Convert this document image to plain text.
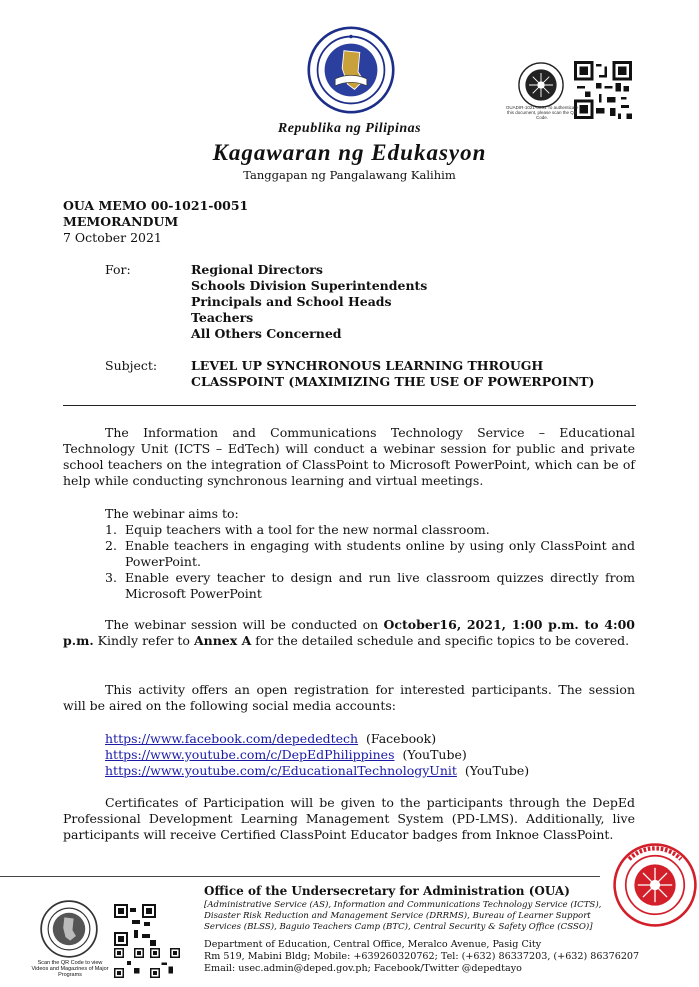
OUADIR-1021-0051 To authenticate this document, please scan the QR Code.
Republika ng Pilipinas
Kagawaran ng Edukasyon
Tanggapan ng Pangalawang Kalihim
OUA MEMO 00-1021-0051
MEMORANDUM
7 October 2021
For:	Regional Directors
Schools Division Superintendents
Principals and School Heads
Teachers
All Others Concerned
Subject:	LEVEL UP SYNCHRONOUS LEARNING THROUGH
CLASSPOINT (MAXIMIZING THE USE OF POWERPOINT)
The Information and Communications Technology Service – Educational Technology Unit (ICTS – EdTech) will conduct a webinar session for public and private school teachers on the integration of ClassPoint to Microsoft PowerPoint, which can be of help while conducting synchronous learning and virtual meetings.
The webinar aims to:
1. Equip teachers with a tool for the new normal classroom.
2. Enable teachers in engaging with students online by using only ClassPoint and PowerPoint.
3. Enable every teacher to design and run live classroom quizzes directly from Microsoft PowerPoint
The webinar session will be conducted on October16, 2021, 1:00 p.m. to 4:00 p.m. Kindly refer to Annex A for the detailed schedule and specific topics to be covered.
This activity offers an open registration for interested participants. The session will be aired on the following social media accounts:
https://www.facebook.com/depededtech (Facebook)
https://www.youtube.com/c/DepEdPhilippines (YouTube)
https://www.youtube.com/c/EducationalTechnologyUnit (YouTube)
Certificates of Participation will be given to the participants through the DepEd Professional Development Learning Management System (PD-LMS). Additionally, live participants will receive Certified ClassPoint Educator badges from Inknoe ClassPoint.
Scan the QR Code to view Videos and Magazines of Major Programs
Office of the Undersecretary for Administration (OUA)
[Administrative Service (AS), Information and Communications Technology Service (ICTS), Disaster Risk Reduction and Management Service (DRRMS), Bureau of Learner Support Services (BLSS), Baguio Teachers Camp (BTC), Central Security & Safety Office (CSSO)]
Department of Education, Central Office, Meralco Avenue, Pasig City
Rm 519, Mabini Bldg; Mobile: +639260320762; Tel: (+632) 86337203, (+632) 86376207
Email: usec.admin@deped.gov.ph; Facebook/Twitter @depedtayo
